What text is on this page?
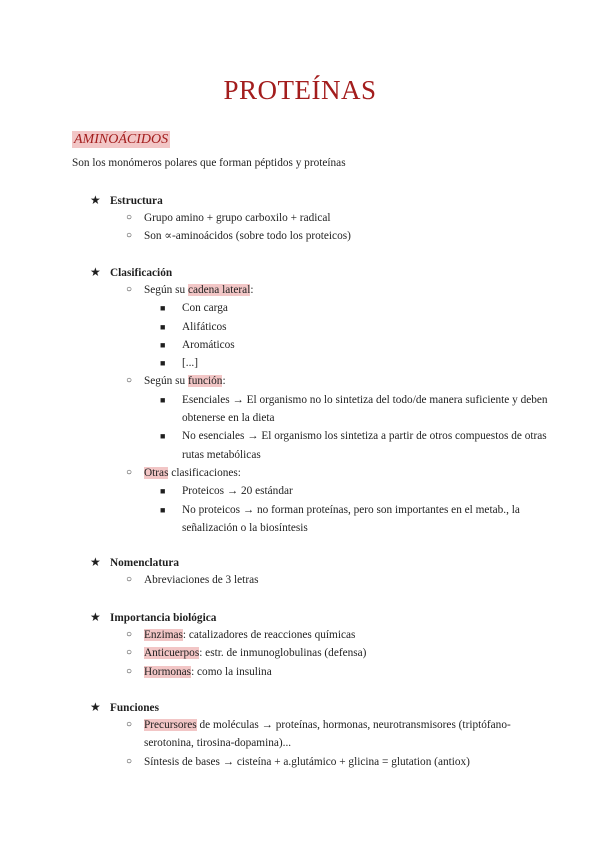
PROTEÍNAS
AMINOÁCIDOS
Son los monómeros polares que forman péptidos y proteínas
★ Estructura
○ Grupo amino + grupo carboxilo + radical
○ Son ∝-aminoácidos (sobre todo los proteicos)
★ Clasificación
○ Según su cadena lateral:
■ Con carga
■ Alifáticos
■ Aromáticos
■ [...]
○ Según su función:
■ Esenciales → El organismo no lo sintetiza del todo/de manera suficiente y deben obtenerse en la dieta
■ No esenciales → El organismo los sintetiza a partir de otros compuestos de otras rutas metabólicas
○ Otras clasificaciones:
■ Proteicos → 20 estándar
■ No proteicos → no forman proteínas, pero son importantes en el metab., la señalización o la biosíntesis
★ Nomenclatura
○ Abreviaciones de 3 letras
★ Importancia biológica
○ Enzimas: catalizadores de reacciones químicas
○ Anticuerpos: estr. de inmunoglobulinas (defensa)
○ Hormonas: como la insulina
★ Funciones
○ Precursores de moléculas → proteínas, hormonas, neurotransmisores (triptófano-serotonina, tirosina-dopamina)...
○ Síntesis de bases → cisteína + a.glutámico + glicina = glutation (antiox)
